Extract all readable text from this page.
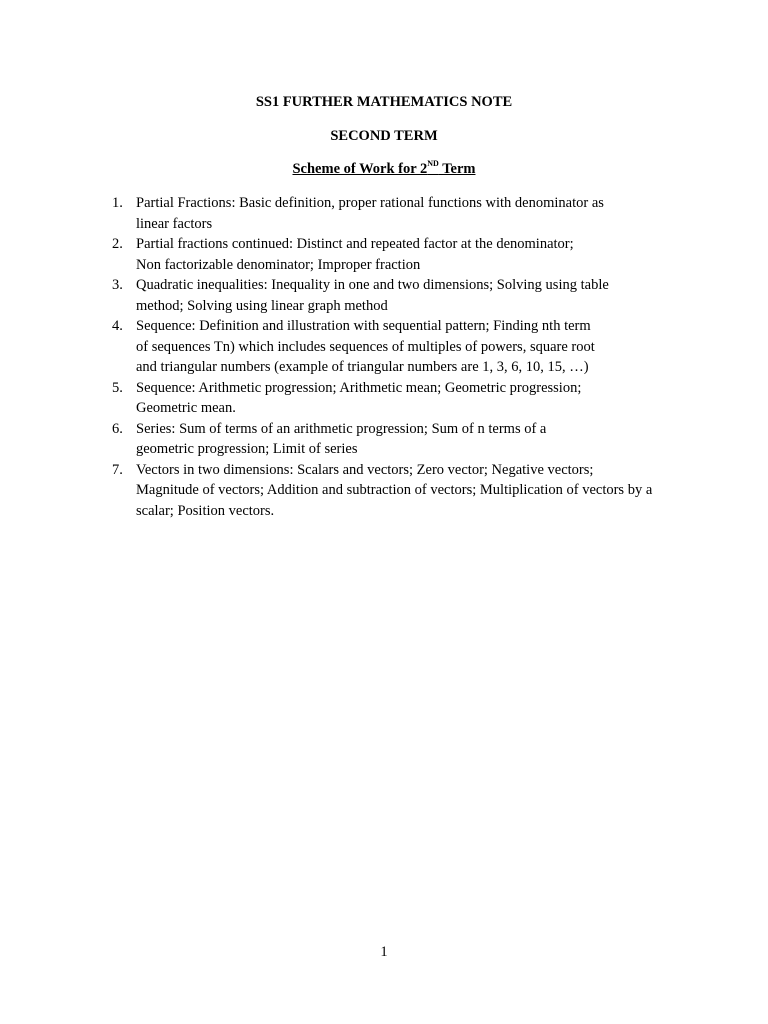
SS1 FURTHER MATHEMATICS NOTE
SECOND TERM
Scheme of Work for 2ND Term
1. Partial Fractions: Basic definition, proper rational functions with denominator as
linear factors
2. Partial fractions continued: Distinct and repeated factor at the denominator;
Non factorizable denominator; Improper fraction
3. Quadratic inequalities: Inequality in one and two dimensions; Solving using table
method; Solving using linear graph method
4. Sequence: Definition and illustration with sequential pattern; Finding nth term
of sequences Tn) which includes sequences of multiples of powers, square root
and triangular numbers (example of triangular numbers are 1, 3, 6, 10, 15, …)
5. Sequence: Arithmetic progression; Arithmetic mean; Geometric progression;
Geometric mean.
6. Series: Sum of terms of an arithmetic progression; Sum of n terms of a
geometric progression; Limit of series
7. Vectors in two dimensions: Scalars and vectors; Zero vector; Negative vectors;
Magnitude of vectors; Addition and subtraction of vectors; Multiplication of vectors by a
scalar; Position vectors.
1
